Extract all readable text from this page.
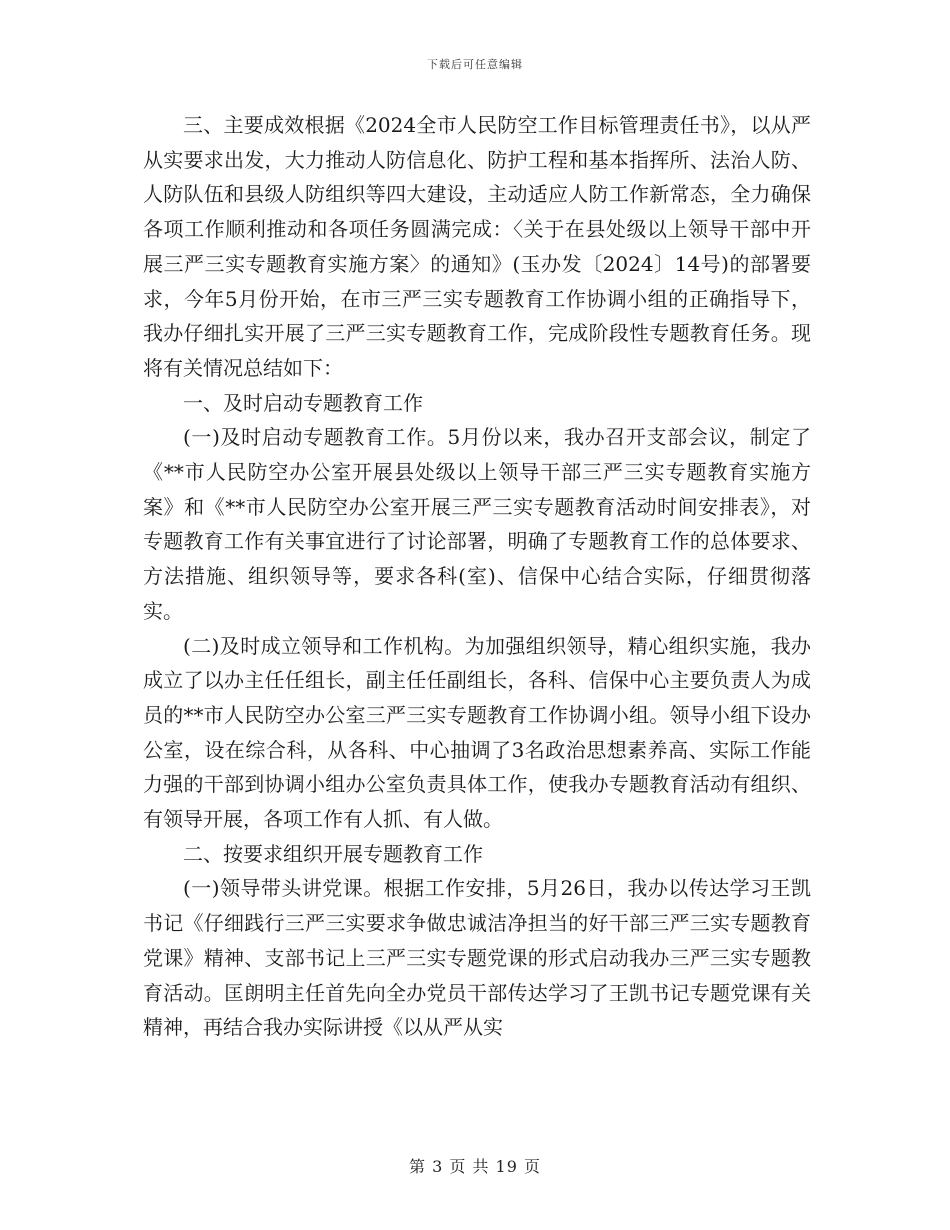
下载后可任意编辑

三、主要成效根据《2024全市人民防空工作目标管理责任书》，以从严从实要求出发，大力推动人防信息化、防护工程和基本指挥所、法治人防、人防队伍和县级人防组织等四大建设，主动适应人防工作新常态，全力确保各项工作顺利推动和各项任务圆满完成：〈关于在县处级以上领导干部中开展三严三实专题教育实施方案〉的通知》(玉办发〔2024〕14号)的部署要求，今年5月份开始，在市三严三实专题教育工作协调小组的正确指导下，我办仔细扎实开展了三严三实专题教育工作，完成阶段性专题教育任务。现将有关情况总结如下：

一、及时启动专题教育工作

(一)及时启动专题教育工作。5月份以来，我办召开支部会议，制定了《**市人民防空办公室开展县处级以上领导干部三严三实专题教育实施方案》和《**市人民防空办公室开展三严三实专题教育活动时间安排表》，对专题教育工作有关事宜进行了讨论部署，明确了专题教育工作的总体要求、方法措施、组织领导等，要求各科(室)、信保中心结合实际，仔细贯彻落实。

(二)及时成立领导和工作机构。为加强组织领导，精心组织实施，我办成立了以办主任任组长，副主任任副组长，各科、信保中心主要负责人为成员的**市人民防空办公室三严三实专题教育工作协调小组。领导小组下设办公室，设在综合科，从各科、中心抽调了3名政治思想素养高、实际工作能力强的干部到协调小组办公室负责具体工作，使我办专题教育活动有组织、有领导开展，各项工作有人抓、有人做。

二、按要求组织开展专题教育工作

(一)领导带头讲党课。根据工作安排，5月26日，我办以传达学习王凯书记《仔细践行三严三实要求争做忠诚洁净担当的好干部三严三实专题教育党课》精神、支部书记上三严三实专题党课的形式启动我办三严三实专题教育活动。匡朗明主任首先向全办党员干部传达学习了王凯书记专题党课有关精神，再结合我办实际讲授《以从严从实

第 3 页 共 19 页
